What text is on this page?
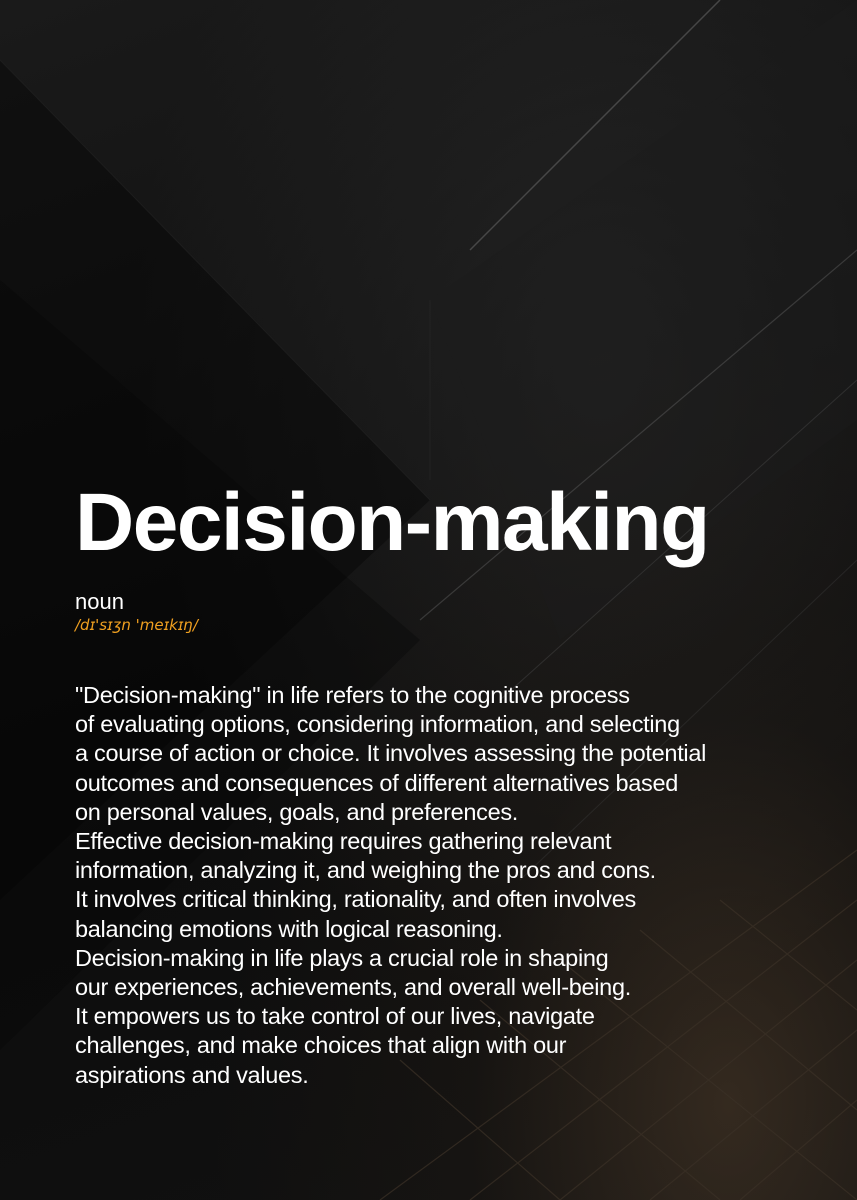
Decision-making
noun
/dɪ'sɪʒn 'meɪkɪŋ/
"Decision-making" in life refers to the cognitive process
of evaluating options, considering information, and selecting
a course of action or choice. It involves assessing the potential
outcomes and consequences of different alternatives based
on personal values, goals, and preferences.
Effective decision-making requires gathering relevant
information, analyzing it, and weighing the pros and cons.
It involves critical thinking, rationality, and often involves
balancing emotions with logical reasoning.
Decision-making in life plays a crucial role in shaping
our experiences, achievements, and overall well-being.
It empowers us to take control of our lives, navigate
challenges, and make choices that align with our
aspirations and values.
